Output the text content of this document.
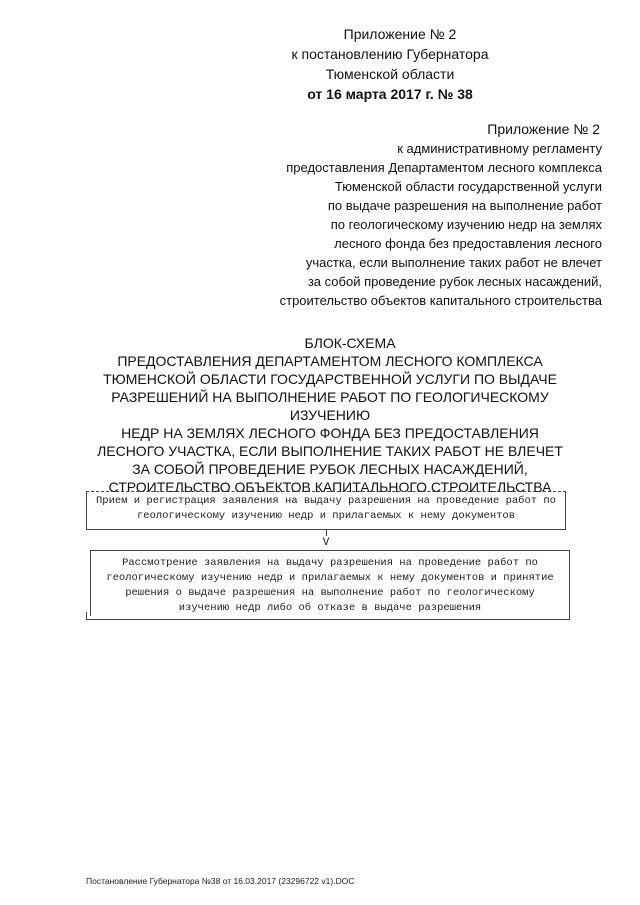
Приложение № 2
к постановлению Губернатора
Тюменской области
от 16 марта 2017 г. № 38
Приложение № 2
к административному регламенту
предоставления Департаментом лесного комплекса
Тюменской области государственной услуги
по выдаче разрешения на выполнение работ
по геологическому изучению недр на землях
лесного фонда без предоставления лесного
участка, если выполнение таких работ не влечет
за собой проведение рубок лесных насаждений,
строительство объектов капитального строительства
БЛОК-СХЕМА
ПРЕДОСТАВЛЕНИЯ ДЕПАРТАМЕНТОМ ЛЕСНОГО КОМПЛЕКСА
ТЮМЕНСКОЙ ОБЛАСТИ ГОСУДАРСТВЕННОЙ УСЛУГИ ПО ВЫДАЧЕ
РАЗРЕШЕНИЙ НА ВЫПОЛНЕНИЕ РАБОТ ПО ГЕОЛОГИЧЕСКОМУ ИЗУЧЕНИЮ
НЕДР НА ЗЕМЛЯХ ЛЕСНОГО ФОНДА БЕЗ ПРЕДОСТАВЛЕНИЯ
ЛЕСНОГО УЧАСТКА, ЕСЛИ ВЫПОЛНЕНИЕ ТАКИХ РАБОТ НЕ ВЛЕЧЕТ
ЗА СОБОЙ ПРОВЕДЕНИЕ РУБОК ЛЕСНЫХ НАСАЖДЕНИЙ,
СТРОИТЕЛЬСТВО ОБЪЕКТОВ КАПИТАЛЬНОГО СТРОИТЕЛЬСТВА
Прием и регистрация заявления на выдачу разрешения на проведение работ по
геологическому изучению недр и прилагаемых к нему документов
V
Рассмотрение заявления на выдачу разрешения на проведение работ по
геологическому изучению недр и прилагаемых к нему документов и принятие
решения о выдаче разрешения на выполнение работ по геологическому
изучению недр либо об отказе в выдаче разрешения
Постановление Губернатора №38 от 16.03.2017 (23296722 v1).DOC
